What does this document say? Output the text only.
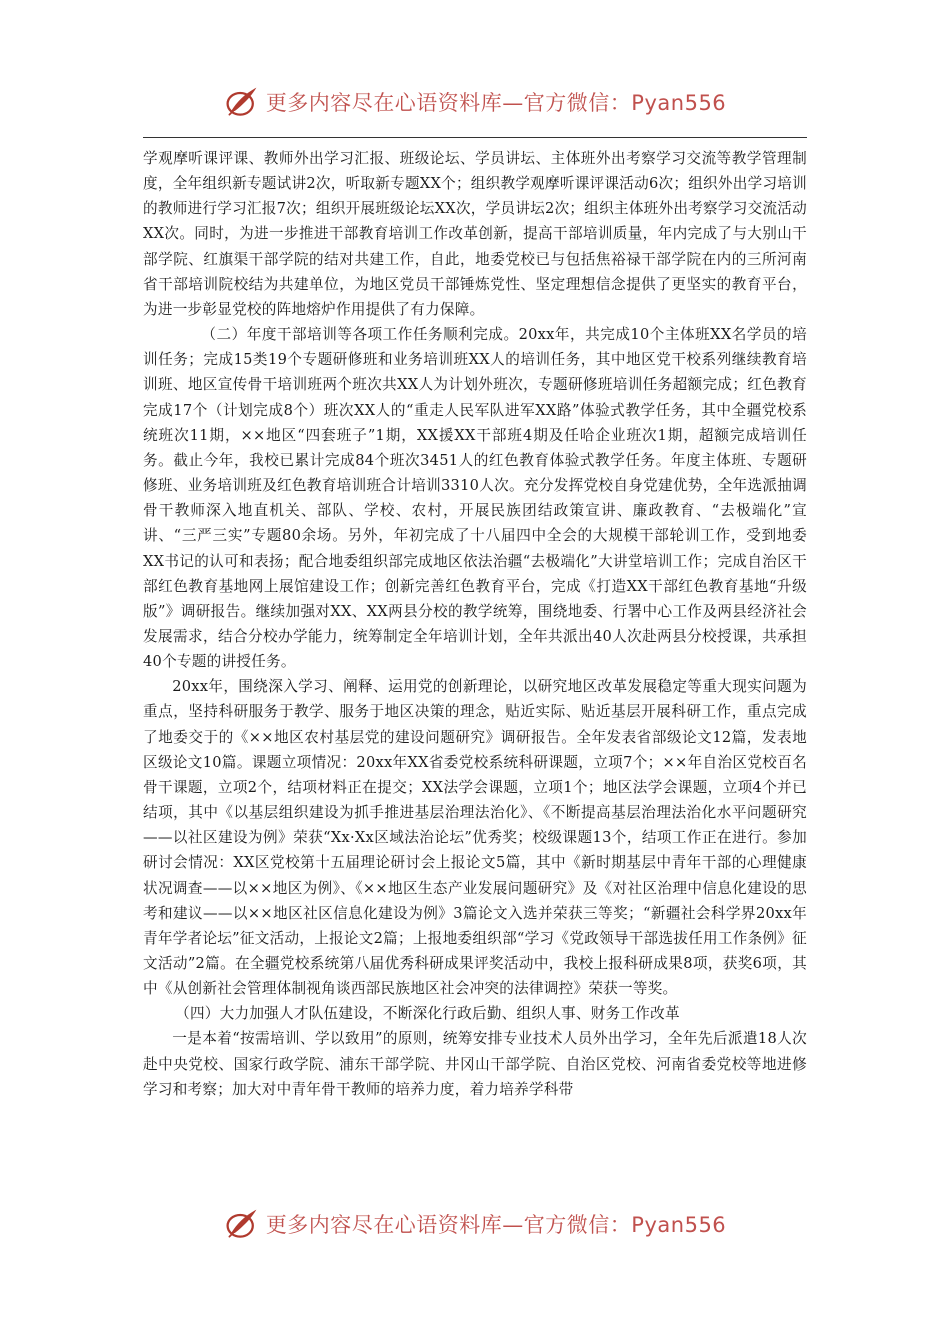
更多内容尽在心语资料库—官方微信：Pyan556

学观摩听课评课、教师外出学习汇报、班级论坛、学员讲坛、主体班外出考察学习交流等教学管理制度，全年组织新专题试讲2次，听取新专题XX个；组织教学观摩听课评课活动6次；组织外出学习培训的教师进行学习汇报7次；组织开展班级论坛XX次，学员讲坛2次；组织主体班外出考察学习交流活动XX次。同时，为进一步推进干部教育培训工作改革创新，提高干部培训质量，年内完成了与大别山干部学院、红旗渠干部学院的结对共建工作，自此，地委党校已与包括焦裕禄干部学院在内的三所河南省干部培训院校结为共建单位，为地区党员干部锤炼党性、坚定理想信念提供了更坚实的教育平台，为进一步彰显党校的阵地熔炉作用提供了有力保障。

（二）年度干部培训等各项工作任务顺利完成。20xx年，共完成10个主体班XX名学员的培训任务；完成15类19个专题研修班和业务培训班XX人的培训任务，其中地区党干校系列继续教育培训班、地区宣传骨干培训班两个班次共XX人为计划外班次，专题研修班培训任务超额完成；红色教育完成17个（计划完成8个）班次XX人的“重走人民军队进军XX路”体验式教学任务，其中全疆党校系统班次11期，××地区“四套班子”1期，XX援XX干部班4期及任哈企业班次1期，超额完成培训任务。截止今年，我校已累计完成84个班次3451人的红色教育体验式教学任务。年度主体班、专题研修班、业务培训班及红色教育培训班合计培训3310人次。充分发挥党校自身党建优势，全年选派抽调骨干教师深入地直机关、部队、学校、农村，开展民族团结政策宣讲、廉政教育、“去极端化”宣讲、“三严三实”专题80余场。另外，年初完成了十八届四中全会的大规模干部轮训工作，受到地委XX书记的认可和表扬；配合地委组织部完成地区依法治疆“去极端化”大讲堂培训工作；完成自治区干部红色教育基地网上展馆建设工作；创新完善红色教育平台，完成《打造XX干部红色教育基地“升级版”》调研报告。继续加强对XX、XX两县分校的教学统筹，围绕地委、行署中心工作及两县经济社会发展需求，结合分校办学能力，统筹制定全年培训计划，全年共派出40人次赴两县分校授课，共承担40个专题的讲授任务。

20xx年，围绕深入学习、阐释、运用党的创新理论，以研究地区改革发展稳定等重大现实问题为重点，坚持科研服务于教学、服务于地区决策的理念，贴近实际、贴近基层开展科研工作，重点完成了地委交于的《××地区农村基层党的建设问题研究》调研报告。全年发表省部级论文12篇，发表地区级论文10篇。课题立项情况：20xx年XX省委党校系统科研课题，立项7个；××年自治区党校百名骨干课题，立项2个，结项材料正在提交；XX法学会课题，立项1个；地区法学会课题，立项4个并已结项，其中《以基层组织建设为抓手推进基层治理法治化》、《不断提高基层治理法治化水平问题研究——以社区建设为例》荣获“Xx·Xx区域法治论坛”优秀奖；校级课题13个，结项工作正在进行。参加研讨会情况：XX区党校第十五届理论研讨会上报论文5篇，其中《新时期基层中青年干部的心理健康状况调查——以××地区为例》、《××地区生态产业发展问题研究》及《对社区治理中信息化建设的思考和建议——以××地区社区信息化建设为例》3篇论文入选并荣获三等奖；“新疆社会科学界20xx年青年学者论坛”征文活动，上报论文2篇；上报地委组织部“学习《党政领导干部选拔任用工作条例》征文活动”2篇。在全疆党校系统第八届优秀科研成果评奖活动中，我校上报科研成果8项，获奖6项，其中《从创新社会管理体制视角谈西部民族地区社会冲突的法律调控》荣获一等奖。

（四）大力加强人才队伍建设，不断深化行政后勤、组织人事、财务工作改革

一是本着“按需培训、学以致用”的原则，统筹安排专业技术人员外出学习，全年先后派遣18人次赴中央党校、国家行政学院、浦东干部学院、井冈山干部学院、自治区党校、河南省委党校等地进修学习和考察；加大对中青年骨干教师的培养力度，着力培养学科带

更多内容尽在心语资料库—官方微信：Pyan556
